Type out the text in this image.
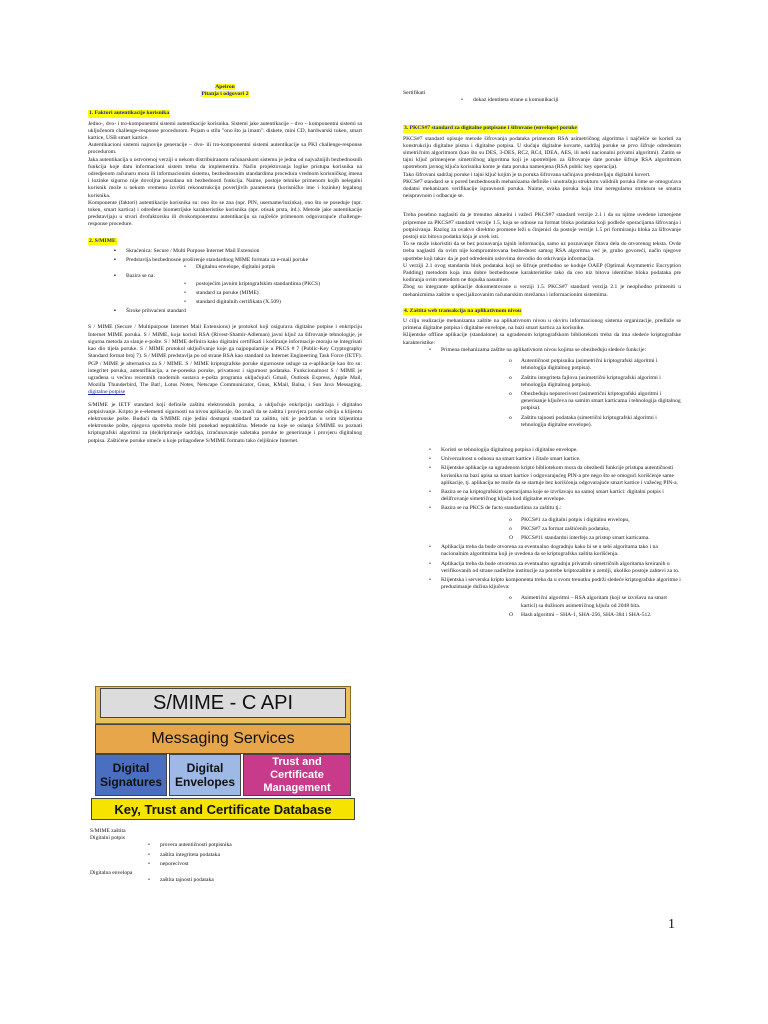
Apeiron
Pitanja i odgovori 2
1. Faktori autentikacije korisnika

Jedno-, dvo- i tro-komponentni sistemi autentikacije korisnika. Sistemi jake autentikacije – dvo – komponentni sistemi sa uključenom challenge-response procedurom. Pojam u stilu "ono što ja imam": diskete, mini CD, hardwarski token, smart kartice, USB smart kartice.

Autentikacioni sistemi najnovije generacije – dvo- ili tro-komponentni sistemi autentikacije sa PKI challenge-response procedurom.

Jaka autentikacija u ostvorenoj verziji u nekom distribuiranom računarskom sistemu je jedna od najvažnijih bezbednosnih funkcija koje datu informacioni sistem treba da implementira. Način projektovanja logike pristupa korisnika na odredjenom računaru mora ili informacionim sistemu, bezbednosnim standardima procedura vrednom korisničkog imena i lozinke sigurno nije dovoljna pouzdana nit bezbednosti funkcija. Naime, postoje tehnike primenom kojih nelegalni korisnik može u nekom vremenu izvršiti rekonstrukciju poverljivih parametara (korisničko ime i lozinke) legalnog korisnika.

Komponente (faktori) autentikacije korisnika su: ono što se zna (npr. PIN, username/lozinka), ono što se poseduje (npr. token, smart kartica) i određene biometrijske karakteristike korisnika (npr. otisak prsta, itd.). Metode jake autentikacije predstavljaju u stvari dvofaktorsku ili dvokomponentnu autentikaciju sa najčešće primenom odgovarajuće challenge-response procedure.

2. S/MIME
▪ Skraćenica: Secure / Multi Purpose Internet Mail Extension
▪ Predstavlja bezbednosne proširenje standardnog MIME formata za e-mail poruke
• Digitalnu envelope, digitalni potpis
▪ Bazira se na:
• postojećim javnim kriptografskim standardima (PKCS)
• standard za poruke (MIME)
• standard digitalnih certifikata (X.509)
▪ Široke prihvaćeni standard

S / MIME (Secure / Multipurpose Internet Mail Extensions) je protokol koji osigurava digitalne potpise i enkripciju Internet MIME poruka. S / MIME, koja koristi RSA (Rivest-Shamir-Adleman) javni ključ za šifrovanje tehnologije, je sigurna metoda za slanje e-pošte. S / MIME definira kako digitalni certifikati i kodiranje informacije moraju se integrisati kao dio tijela poruke. S / MIME protokol uključivanje koje ga najpopularnije u PKCS # 7 (Public-Key Cryptography Standard format broj 7). S / MIME predstavlja po od strane RSA kao standard za Internet Engineering Task Force (IETF). PGP / MIME je alternativa za S / MIME. S / MIME kriptografske poruke sigurnosne usluge za e-aplikacije kao što su: integritet poruka, autentifikacija, a ne-poreska poruke, privatnost i sigurnost podataka. Funkcionalnost S / MIME je ugrađena u većinu recentnih modernih sustava e-pošta programa uključujući Gmail, Outlook Express, Apple Mail, Mozilla Thunderbird, The Bat!, Lotus Notes, Netscape Communicator, Gnus, KMail, Balsa, i Sun Java Messaging. digitalne potpise

S/MIME je IETF standard koji definiše zaštitu elektronskih poruka, a uključuje enkripciju sadržaja i digitalno potpisivanje. Kripto je e-elementi sigurnosti na nivou aplikacije, što znači da se zaštita i provjera poruke odvija u klijentu elektronske pošte. Budući da S/MIME nije jedini dostupni standard za zaštitu, niti je podržan u svim klijentima elektronske pošte, njegova upotreba može biti ponekad nepraktična. Metode na koje se oslanja S/MIME su poznati kriptografski algoritmi za (de)kriptiranje sadržaja, izračunavanje sažetaka poruke te generiranje i provjeru digitalnog potpisa. Zaštićene poruke umeće u koje prilagođene S/MIME formatu tako ćeljišnice Internet.

S/MIME - C API
Messaging Services
Digital Signatures
Digital Envelopes
Trust and Certificate Management
Key, Trust and Certificate Database
S/MIME zaštita
Digitalni potpis
• provera autentičnosti potpisnika
• zaštita integriteta podataka
• neporecivost
Digitalna envelopa
• zaštita tajnosti podataka
Sertifikati
• dokaz identiteta strane u komunikaciji
3. PKCS#7 standard za digitalne potpisane i šifrovane (envelope) poruke

PKCS#7 standard opisuje metode šifrovanja podataka primenom RSA asimetričnog algoritma i najčešće se koristi za konstrukciju digitalne pisma i digitalne potpisa. U slučaju digitalne kovarte, sadržaj poruke se prvo šifruje odredenim simetričnim algoritmom (kao što su DES, 3-DES, RC2, RC4, IDEA, AES, ili neki nacionalni privatni algoritmi). Zatim se tajni ključ primenjene simetričnog algoritma koji je upotrebljen za šifrovanje date poruke šifruje RSA algoritmom upotrebom javnog ključa korisnika kome je data poruka namenjena (RSA public key operacija).

Tako šifrovani sadržaj poruke i tajni ključ kojim je ta poruka šifrovana sačinjava predstavljaju digitalni kovert.

PKCS#7 standard se u pored bezbednosnih mehanizama definiše i unutrašnju strukturu validnih poruka čime se omogućava dodatni mehanizam verifikacije ispravnosti poruka. Naime, svaka poruka koja ima neregularnu strukturu se smatra neispravnom i odbacuje se.

Treba posebno naglasiti da je trenutno aktuelni i važeći PKCS#7 standard verzije 2.1 i da su njime uvedene izmenjene pripremne za PKCS#7 standard verzije 1.5, koja se odnose na format bloka podataka koji podleže operacijama šifrovanja i potpisivanja. Razlog za ovakvo direktno promene leži u činjenici da postoje verzije 1.5 pri formiranju bloka za šifrovanje postoji niz bitova podatka koja je uvek isti.

To se može iskoristiti da se bez poznavanja tajnih informacija, samo uz poznavanje čitava dela do otvorenog teksta. Ovde treba naglasiti da ovim nije kompromitovana bezbednost samog RSA algoritma već je, grubo govoreći, način njegove upotrebe koji takav da je pod odredenim uslovima dovodio do otkrivanja informacija.

U verziji 2.1 ovog standarda blok podataka koji se šifruje prethodno se koduje OAEP (Optimal Asymmetric Encryption Padding) metodom koja ima dobre bezbednosne karakteristike tako da ceo niz bitova identične bloka podataka pre kodiranja ovim metodom ne dopušta nasumice.

Zbog su integrante aplikacije dokumentovane u verziji 1.5. PKCS#7 standard verzija 2.1 je neophodno primeniti u mehanizmima zaštite u specijalizovanim računarskim mrežama i informacionim sistemima.

4. Zaštita web transakcija na aplikativnom nivou

U cilju realizacije mehanizama zaštite na aplikativnom nivou u okviru informacionog sistema organizacije, predlaže se primena digitalne potpisa i digitalne envelope, na bazi smart kartica za korisnike.

Klijentske offline aplikacije (standalone) sa ugradenom kriptografskom bibliotekom treba da ima sledeće kriptografske karakteristike:

• Primena mehanizama zaštite na aplikativnom nivou kojima se obezbeđuju sledeće funkcije:
o Autentičnost potpisnika (asimetrični kriptografski algoritmi i tehnologija digitalnog potpisa).
o Zaštitu integriteta fajlova (asimetrični kriptografski algoritmi i tehnologija digitalnog potpisa).
o Obezbeđuju neporecivost (asimetrični kriptografski algoritmi i generisanje ključeva na samim smart karticama i tehnologija digitalnog potpisa).
o Zaštitu tajnosti podataka (simetrični kriptografski algoritmi i tehnologija digitalne envelope).
• Koristi se tehnologija digitalnog potpisa i digitalne envelope.
• Univerzalnost u odnosu na smart kartice i čitače smart kartice.
• Klijentske aplikacije sa ugradenom kripto bibliotekom mora da obezbedi funkcije pristupa autentičnosti korisnika na bazi upisa sa smart kartice i odgovarajućeg PIN-a pre nego što se omogući korišćenje same aplikacije, tj. aplikacija ne može da se startuje bez korišćenja odgovarajuće smart kartice i važećeg PIN-a.
• Bazira se na kriptografskim operacijama koje se izvršavaju na samoj smart kartici: digitalni potpis i dešifrovanje simetričnog ključa kod digitalne envelope.
• Bazira se na PKCS de facto standardima za zaštitu tj.:
o PKCS#1 za digitalni potpis i digitalnu envelopu,
o PKCS#7 za format zaštićenih podataka,
O PKCS#11 standardni interfejs za pristup smart karticama.
• Aplikacija treba da bude otvorena za eventualno dogradnju kako bi se u sebi algoritama tako i na nacionalnim algoritmima koji je uvedena da se kriptografska zaštita korišćenja.
• Aplikacija treba da bude otvorena za eventualno ugradnju privatnih simetričnih algoritama kreiranih u verifikovanih od strane nadležne institucije za potrebe kriptozaštite u zemlji, ukoliko postoje zahtevi za to.
• Klijentska i serverska kripto komponenta treba da u svom trenutku podrži sledeće kriptografske algoritme i preduzimanje dužina ključeva:
o Asimetrični algoritmi – RSA algoritam (koji se izvršava na smart kartici) sa dužinom asimetričnog ključa od 2048 bita.
O Hash algoritmi – SHA-1, SHA-256, SHA-384 i SHA-512.
1
